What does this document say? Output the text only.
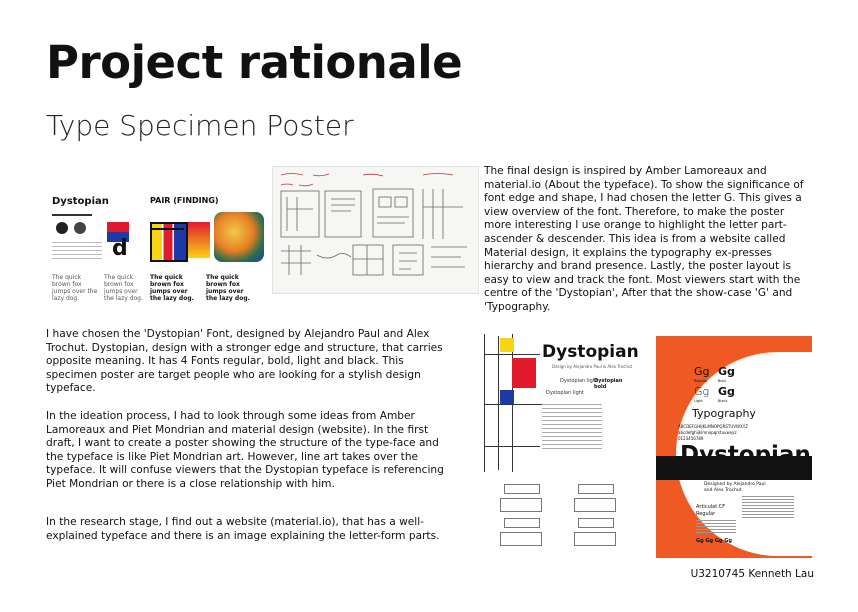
Project rationale
Type Specimen Poster
Dystopian	PAIR (FINDING)
d
The quick brown fox jumps over the lazy dog.
The quick brown fox jumps over the lazy dog.
The quick brown fox jumps over the lazy dog.
The quick brown fox jumps over the lazy dog.
I have chosen the 'Dystopian' Font, designed by Alejandro Paul and Alex Trochut. Dystopian, design with a stronger edge and structure, that carries opposite meaning. It has 4 Fonts regular, bold, light and black. This specimen poster are target people who are looking for a stylish design typeface.
In the ideation process, I had to look through some ideas from Amber Lamoreaux and Piet Mondrian and material design (website). In the first draft, I want to create a poster showing the structure of the type-face and the typeface is like Piet Mondrian art. However, line art takes over the typeface. It will confuse viewers that the Dystopian typeface is referencing Piet Mondrian or there is a close relationship with him.
In the research stage, I find out a website (material.io), that has a well-explained typeface and there is an image explaining the letter-form parts.
The final design is inspired by Amber Lamoreaux and material.io (About the typeface). To show the significance of font edge and shape, I had chosen the letter G. This gives a view overview of the font. Therefore, to make the poster more interesting I use orange to highlight the letter part- ascender & descender. This idea is from a website called Material design, it explains the typography ex-presses hierarchy and brand presence. Lastly, the poster layout is easy to view and track the font. Most viewers start with the centre of the 'Dystopian', After that the show-case 'G' and 'Typography.
Dystopian
Design by Alejandro Paul & Alex Trochut
Dystopian light
Dystopian bold
Dystopian light
Gg Gg
Regular	Bold
Gg Gg
Light	Black
Typography
ABCDEFGHIJKLMNOPQRSTUVWXYZ
abcdefghijklmnopqrstuvwxyz
0123456789
Dystopian
Designed by Alejandro Paul
and Alex Trochut
Articulat CF
Regular
Gg Gg Gg Gg
U3210745 Kenneth Lau
